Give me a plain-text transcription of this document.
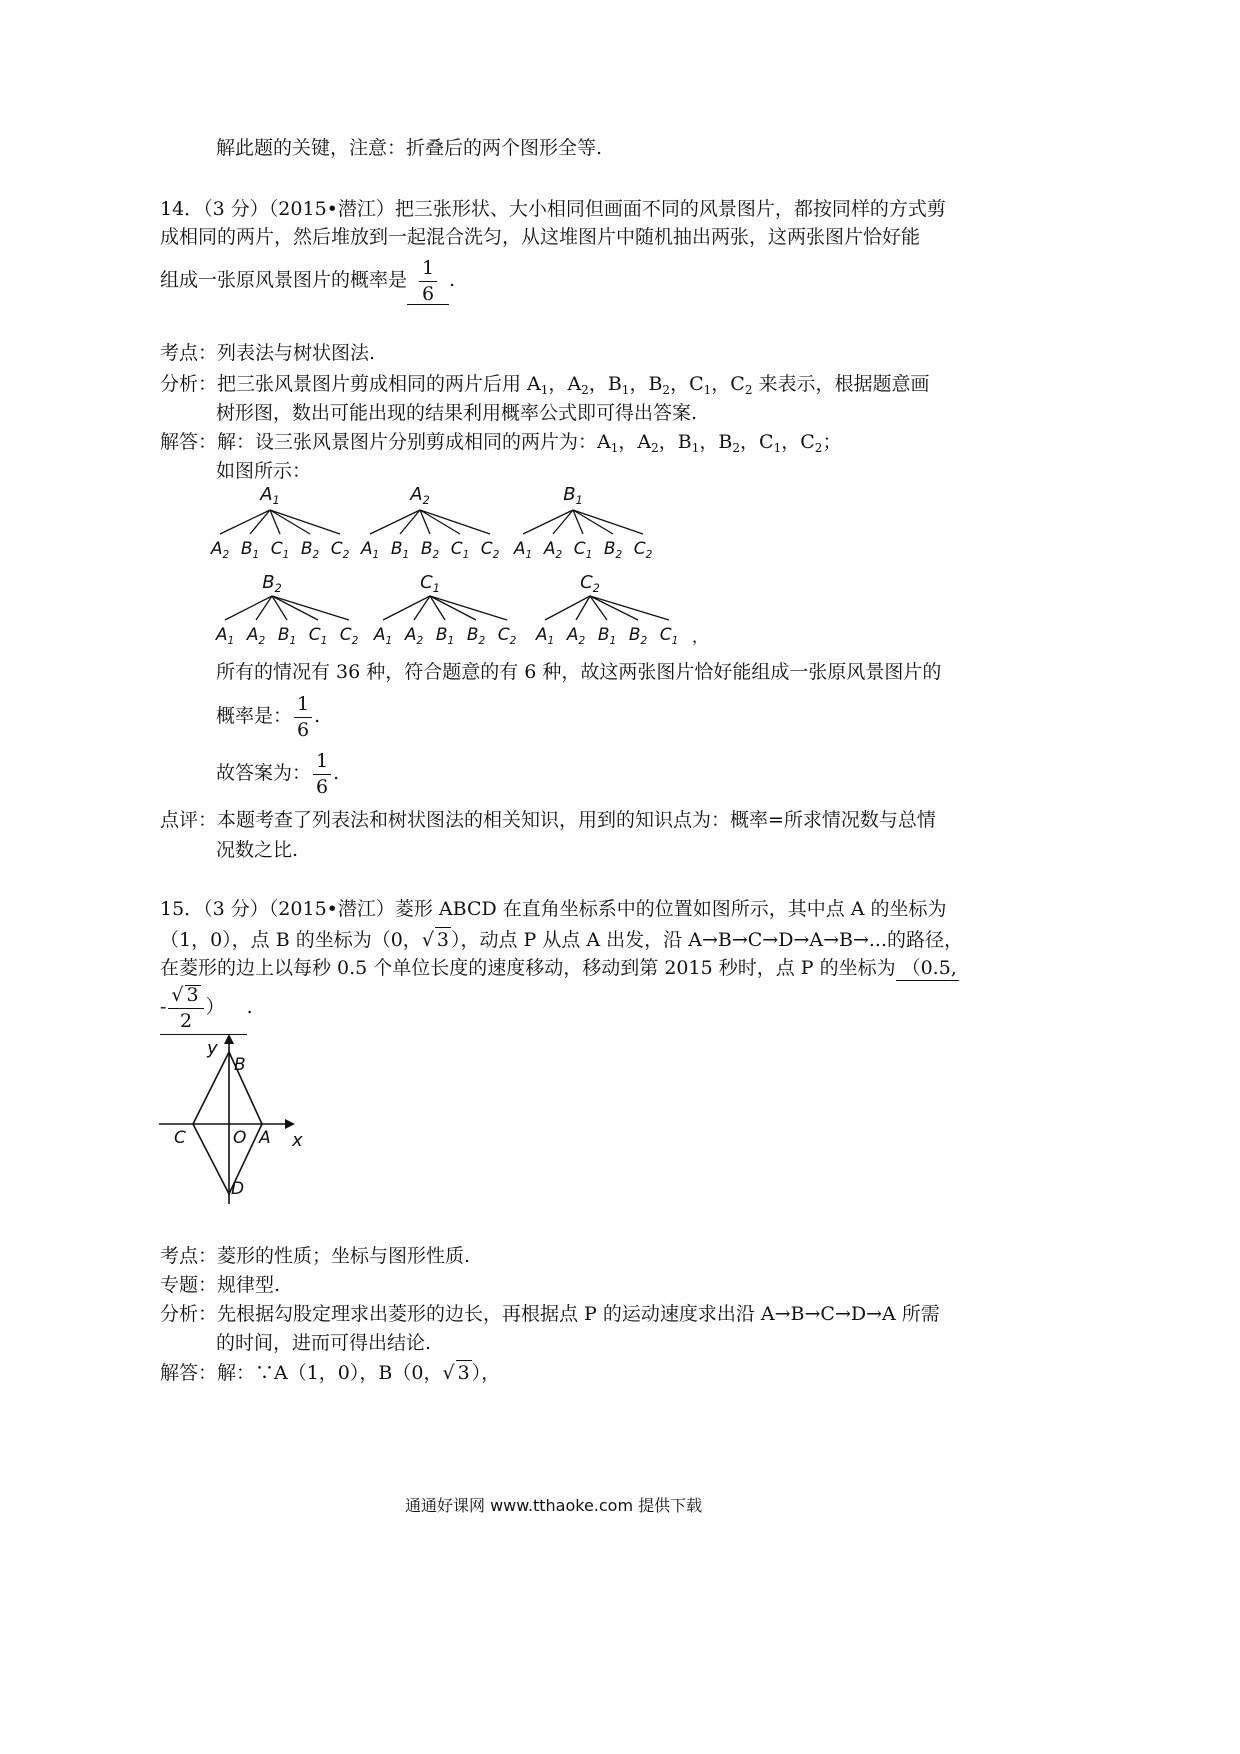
解此题的关键，注意：折叠后的两个图形全等.
14．（3 分）（2015•潜江）把三张形状、大小相同但画面不同的风景图片，都按同样的方式剪
成相同的两片，然后堆放到一起混合洗匀，从这堆图片中随机抽出两张，这两张图片恰好能
组成一张原风景图片的概率是 $\frac{1}{6}$ .
考点：列表法与树状图法.
分析：把三张风景图片剪成相同的两片后用 $A_1$，$A_2$，$B_1$，$B_2$，$C_1$，$C_2$ 来表示，根据题意画
树形图，数出可能出现的结果利用概率公式即可得出答案.
解答：解：设三张风景图片分别剪成相同的两片为：$A_1$，$A_2$，$B_1$，$B_2$，$C_1$，$C_2$；
如图所示：
$A_1$
$A_2$ $B_1$ $C_1$ $B_2$ $C_2$
$A_2$
$A_1$ $B_1$ $B_2$ $C_1$ $C_2$
$B_1$
$A_1$ $A_2$ $C_1$ $B_2$ $C_2$
$B_2$
$A_1$ $A_2$ $B_1$ $C_1$ $C_2$
$C_1$
$A_1$ $A_2$ $B_1$ $B_2$ $C_2$
$C_2$
$A_1$ $A_2$ $B_1$ $B_2$ $C_1$ ，
所有的情况有 36 种，符合题意的有 6 种，故这两张图片恰好能组成一张原风景图片的
概率是： $\frac{1}{6}$ .
故答案为： $\frac{1}{6}$ .
点评：本题考查了列表法和树状图法的相关知识，用到的知识点为：概率=所求情况数与总情
况数之比.
15．（3 分）（2015•潜江）菱形 ABCD 在直角坐标系中的位置如图所示，其中点 A 的坐标为
（1，0），点 B 的坐标为（0，√ 3 ），动点 P 从点 A 出发，沿 A→B→C→D→A→B→...的路径，
在菱形的边上以每秒 0.5 个单位长度的速度移动，移动到第 2015 秒时，点 P 的坐标为 （0.5,
- $\frac{√ 3}{2}$ ） .
y
B
C	O A x
D
考点：菱形的性质；坐标与图形性质.
专题：规律型.
分析：先根据勾股定理求出菱形的边长，再根据点 P 的运动速度求出沿 A→B→C→D→A 所需
的时间，进而可得出结论.
解答：解：∵A（1，0），B（0，√ 3 ），
通通好课网 www.tthaoke.com 提供下载
